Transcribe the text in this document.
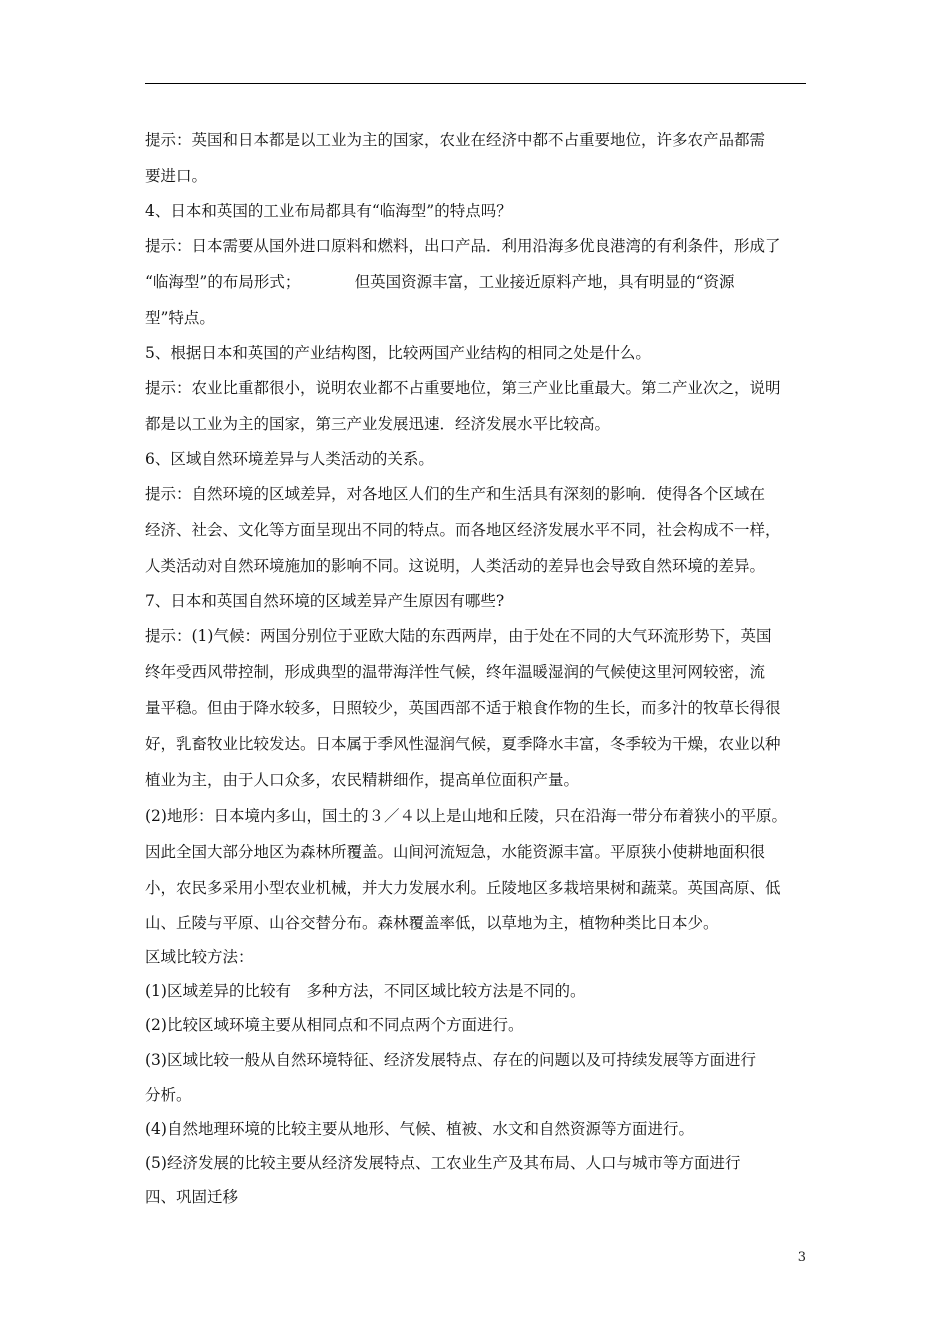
提示：英国和日本都是以工业为主的国家，农业在经济中都不占重要地位，许多农产品都需
要进口。
4、日本和英国的工业布局都具有“临海型”的特点吗？
提示：日本需要从国外进口原料和燃料，出口产品．利用沿海多优良港湾的有利条件，形成了
“临海型”的布局形式；　　　　但英国资源丰富，工业接近原料产地，具有明显的“资源
型”特点。
5、根据日本和英国的产业结构图，比较两国产业结构的相同之处是什么。
提示：农业比重都很小，说明农业都不占重要地位，第三产业比重最大。第二产业次之，说明
都是以工业为主的国家，第三产业发展迅速．经济发展水平比较高。
6、区域自然环境差异与人类活动的关系。
提示：自然环境的区域差异，对各地区人们的生产和生活具有深刻的影响．使得各个区域在
经济、社会、文化等方面呈现出不同的特点。而各地区经济发展水平不同，社会构成不一样，
人类活动对自然环境施加的影响不同。这说明，人类活动的差异也会导致自然环境的差异。
7、日本和英国自然环境的区域差异产生原因有哪些?
提示：(1)气候：两国分别位于亚欧大陆的东西两岸，由于处在不同的大气环流形势下，英国
终年受西风带控制，形成典型的温带海洋性气候，终年温暖湿润的气候使这里河网较密，流
量平稳。但由于降水较多，日照较少，英国西部不适于粮食作物的生长，而多汁的牧草长得很
好，乳畜牧业比较发达。日本属于季风性湿润气候，夏季降水丰富，冬季较为干燥，农业以种
植业为主，由于人口众多，农民精耕细作，提高单位面积产量。
(2)地形：日本境内多山，国土的３／４以上是山地和丘陵，只在沿海一带分布着狭小的平原。
因此全国大部分地区为森林所覆盖。山间河流短急，水能资源丰富。平原狭小使耕地面积很
小，农民多采用小型农业机械，并大力发展水利。丘陵地区多栽培果树和蔬菜。英国高原、低
山、丘陵与平原、山谷交替分布。森林覆盖率低，以草地为主，植物种类比日本少。
区域比较方法：
(1)区域差异的比较有　多种方法，不同区域比较方法是不同的。
(2)比较区域环境主要从相同点和不同点两个方面进行。
(3)区域比较一般从自然环境特征、经济发展特点、存在的问题以及可持续发展等方面进行
分析。
(4)自然地理环境的比较主要从地形、气候、植被、水文和自然资源等方面进行。
(5)经济发展的比较主要从经济发展特点、工农业生产及其布局、人口与城市等方面进行
四、巩固迁移
3
